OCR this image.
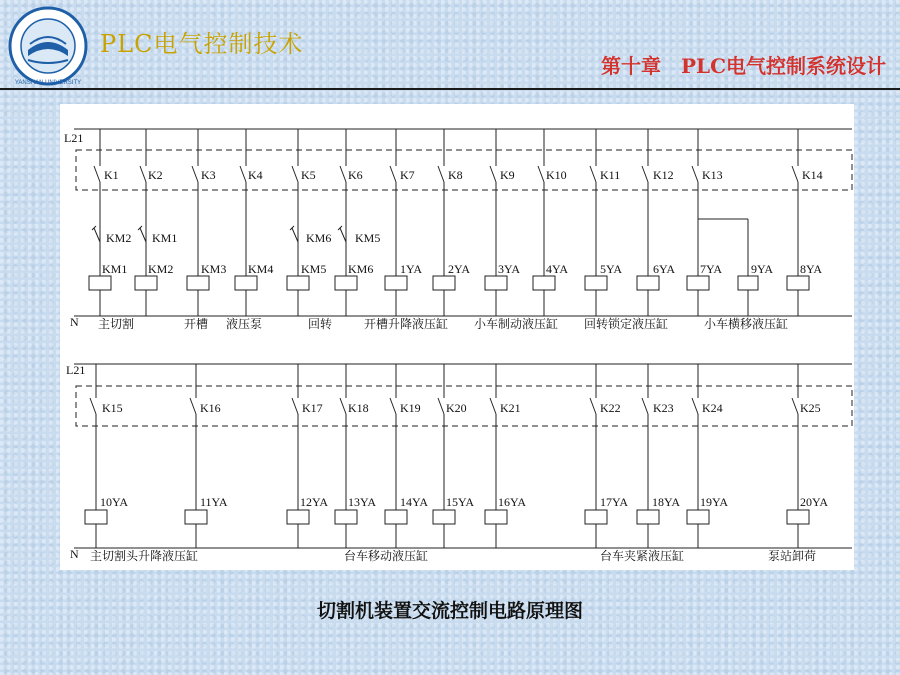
YANSHAN UNIVERSITY
PLC电气控制技术
第十章　PLC电气控制系统设计
L21
N
K1 K2	K3	K4	K5	K6	K7	K8	K9	K10	K11	K12 K13	K14
KM2 KM1	KM6 KM5
KM1 KM2 KM3 KM4 KM5 KM6 1YA 2YA 3YA 4YA	5YA	6YA 7YA 9YA 8YA
主切割	开槽 液压泵	回转	开槽升降液压缸 小车制动液压缸 回转锁定液压缸	小车横移液压缸
L21
N
K15	K16	K17 K18	K19 K20	K21	K22	K23 K24	K25
10YA	11YA	12YA 13YA 14YA 15YA 16YA	17YA 18YA 19YA	20YA
主切割头升降液压缸	台车移动液压缸	台车夹紧液压缸	泵站卸荷
切割机装置交流控制电路原理图
